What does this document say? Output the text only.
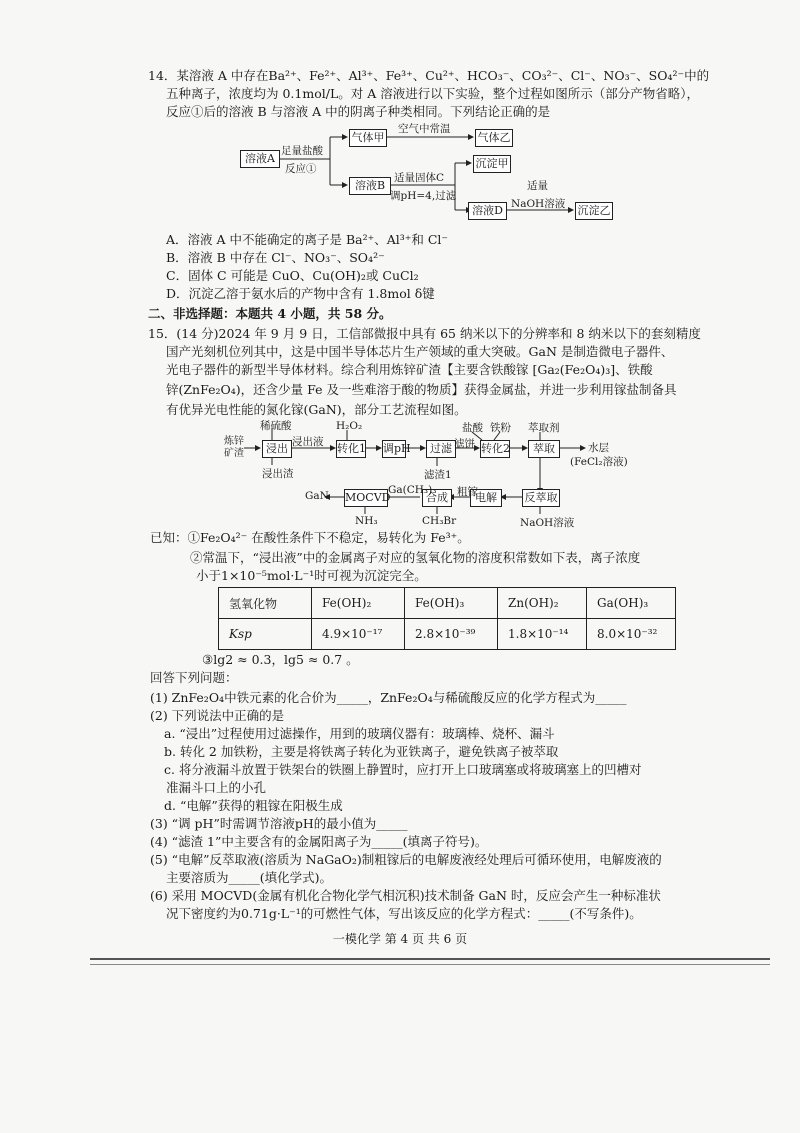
14．某溶液 A 中存在Ba²⁺、Fe²⁺、Al³⁺、Fe³⁺、Cu²⁺、HCO₃⁻、CO₃²⁻、Cl⁻、NO₃⁻、SO₄²⁻中的
五种离子，浓度均为 0.1mol/L。对 A 溶液进行以下实验，整个过程如图所示（部分产物省略），
反应①后的溶液 B 与溶液 A 中的阴离子种类相同。下列结论正确的是
溶液A
气体甲	气体乙
溶液B
沉淀甲
溶液D	沉淀乙
足量盐酸
反应①
空气中常温
适量固体C
调pH=4,过滤
适量
NaOH溶液
A．溶液 A 中不能确定的离子是 Ba²⁺、Al³⁺和 Cl⁻
B．溶液 B 中存在 Cl⁻、NO₃⁻、SO₄²⁻
C．固体 C 可能是 CuO、Cu(OH)₂或 CuCl₂
D．沉淀乙溶于氨水后的产物中含有 1.8mol δ键
二、非选择题：本题共 4 小题，共 58 分。
15．(14 分)2024 年 9 月 9 日，工信部微报中具有 65 纳米以下的分辨率和 8 纳米以下的套刻精度
国产光刻机位列其中，这是中国半导体芯片生产领域的重大突破。GaN 是制造微电子器件、
光电子器件的新型半导体材料。综合利用炼锌矿渣【主要含铁酸镓 [Ga₂(Fe₂O₄)₃]、铁酸
锌(ZnFe₂O₄)，还含少量 Fe 及一些难溶于酸的物质】获得金属盐，并进一步利用镓盐制备具
有优异光电性能的氮化镓(GaN)，部分工艺流程如图。
炼锌矿渣
稀硫酸
浸出
浸出渣
浸出液
H₂O₂
转化1 调pH	过滤
滤渣1
滤饼
盐酸 铁粉
转化2
萃取剂
萃取	水层
(FeCl₂溶液)
反萃取
NaOH溶液
电解
粗镓
合成
Ga(CH₃)₃
CH₃Br
MOCVD
NH₃
GaN
已知：①Fe₂O₄²⁻ 在酸性条件下不稳定，易转化为 Fe³⁺。
②常温下，“浸出液”中的金属离子对应的氢氧化物的溶度积常数如下表，离子浓度
小于1×10⁻⁵mol·L⁻¹时可视为沉淀完全。
氢氧化物	Fe(OH)₂	Fe(OH)₃	Zn(OH)₂	Ga(OH)₃
Ksp	4.9×10⁻¹⁷	2.8×10⁻³⁹	1.8×10⁻¹⁴	8.0×10⁻³²
③lg2 ≈ 0.3，lg5 ≈ 0.7 。
回答下列问题：
(1) ZnFe₂O₄中铁元素的化合价为_____，ZnFe₂O₄与稀硫酸反应的化学方程式为_____
(2) 下列说法中正确的是
a. “浸出”过程使用过滤操作，用到的玻璃仪器有：玻璃棒、烧杯、漏斗
b. 转化 2 加铁粉，主要是将铁离子转化为亚铁离子，避免铁离子被萃取
c. 将分液漏斗放置于铁架台的铁圈上静置时，应打开上口玻璃塞或将玻璃塞上的凹槽对
准漏斗口上的小孔
d. “电解”获得的粗镓在阳极生成
(3) “调 pH”时需调节溶液pH的最小值为_____
(4) “滤渣 1”中主要含有的金属阳离子为_____(填离子符号)。
(5) “电解”反萃取液(溶质为 NaGaO₂)制粗镓后的电解废液经处理后可循环使用，电解废液的
主要溶质为_____(填化学式)。
(6) 采用 MOCVD(金属有机化合物化学气相沉积)技术制备 GaN 时，反应会产生一种标准状
况下密度约为0.71g·L⁻¹的可燃性气体，写出该反应的化学方程式：_____(不写条件)。
一模化学 第 4 页 共 6 页
